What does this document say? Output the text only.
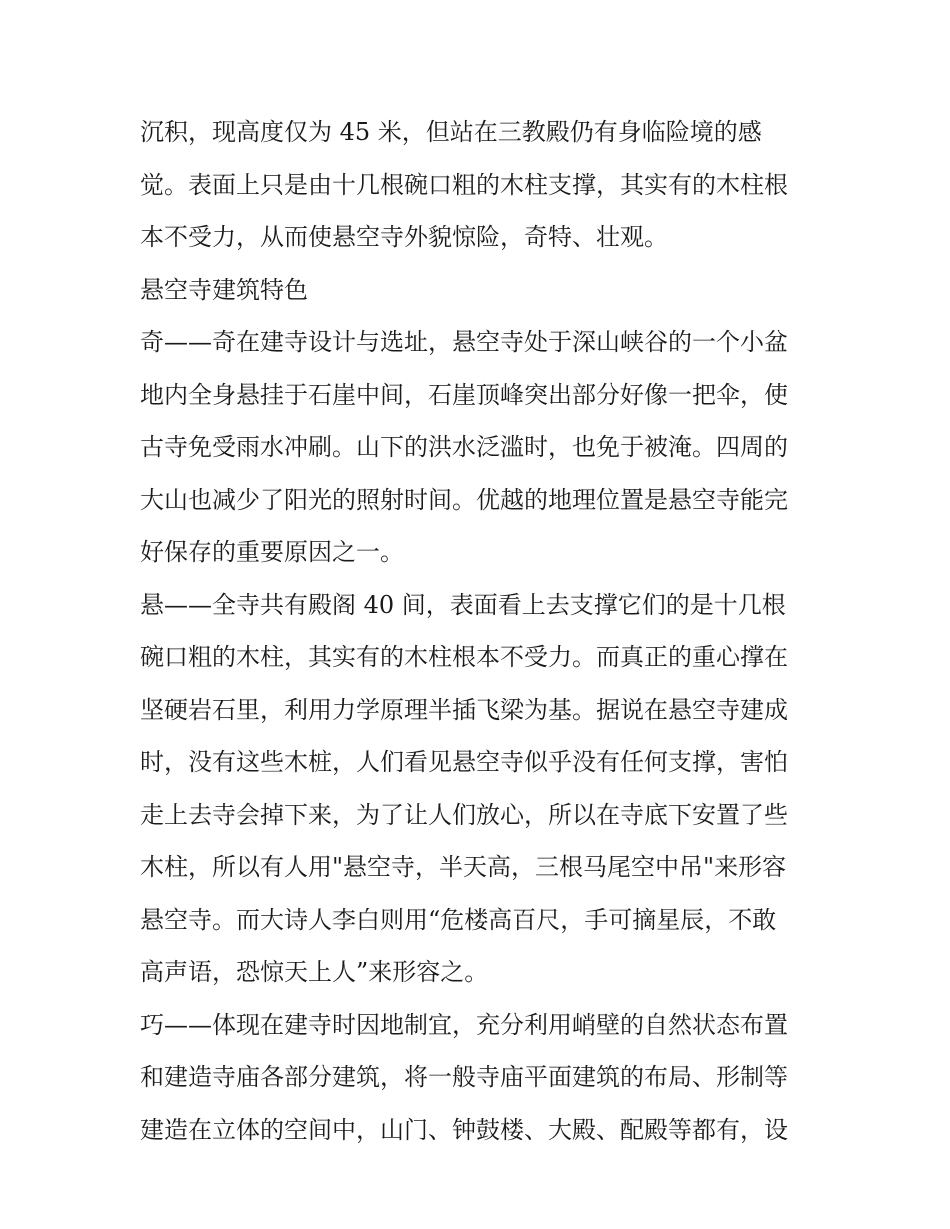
沉积，现高度仅为 45 米，但站在三教殿仍有身临险境的感
觉。表面上只是由十几根碗口粗的木柱支撑，其实有的木柱根
本不受力，从而使悬空寺外貌惊险，奇特、壮观。
悬空寺建筑特色
奇——奇在建寺设计与选址，悬空寺处于深山峡谷的一个小盆
地内全身悬挂于石崖中间，石崖顶峰突出部分好像一把伞，使
古寺免受雨水冲刷。山下的洪水泛滥时，也免于被淹。四周的
大山也减少了阳光的照射时间。优越的地理位置是悬空寺能完
好保存的重要原因之一。
悬——全寺共有殿阁 40 间，表面看上去支撑它们的是十几根
碗口粗的木柱，其实有的木柱根本不受力。而真正的重心撑在
坚硬岩石里，利用力学原理半插飞梁为基。据说在悬空寺建成
时，没有这些木桩，人们看见悬空寺似乎没有任何支撑，害怕
走上去寺会掉下来，为了让人们放心，所以在寺底下安置了些
木柱，所以有人用"悬空寺，半天高，三根马尾空中吊"来形容
悬空寺。而大诗人李白则用“危楼高百尺，手可摘星辰，不敢
高声语，恐惊天上人”来形容之。
巧——体现在建寺时因地制宜，充分利用峭壁的自然状态布置
和建造寺庙各部分建筑，将一般寺庙平面建筑的布局、形制等
建造在立体的空间中，山门、钟鼓楼、大殿、配殿等都有，设
